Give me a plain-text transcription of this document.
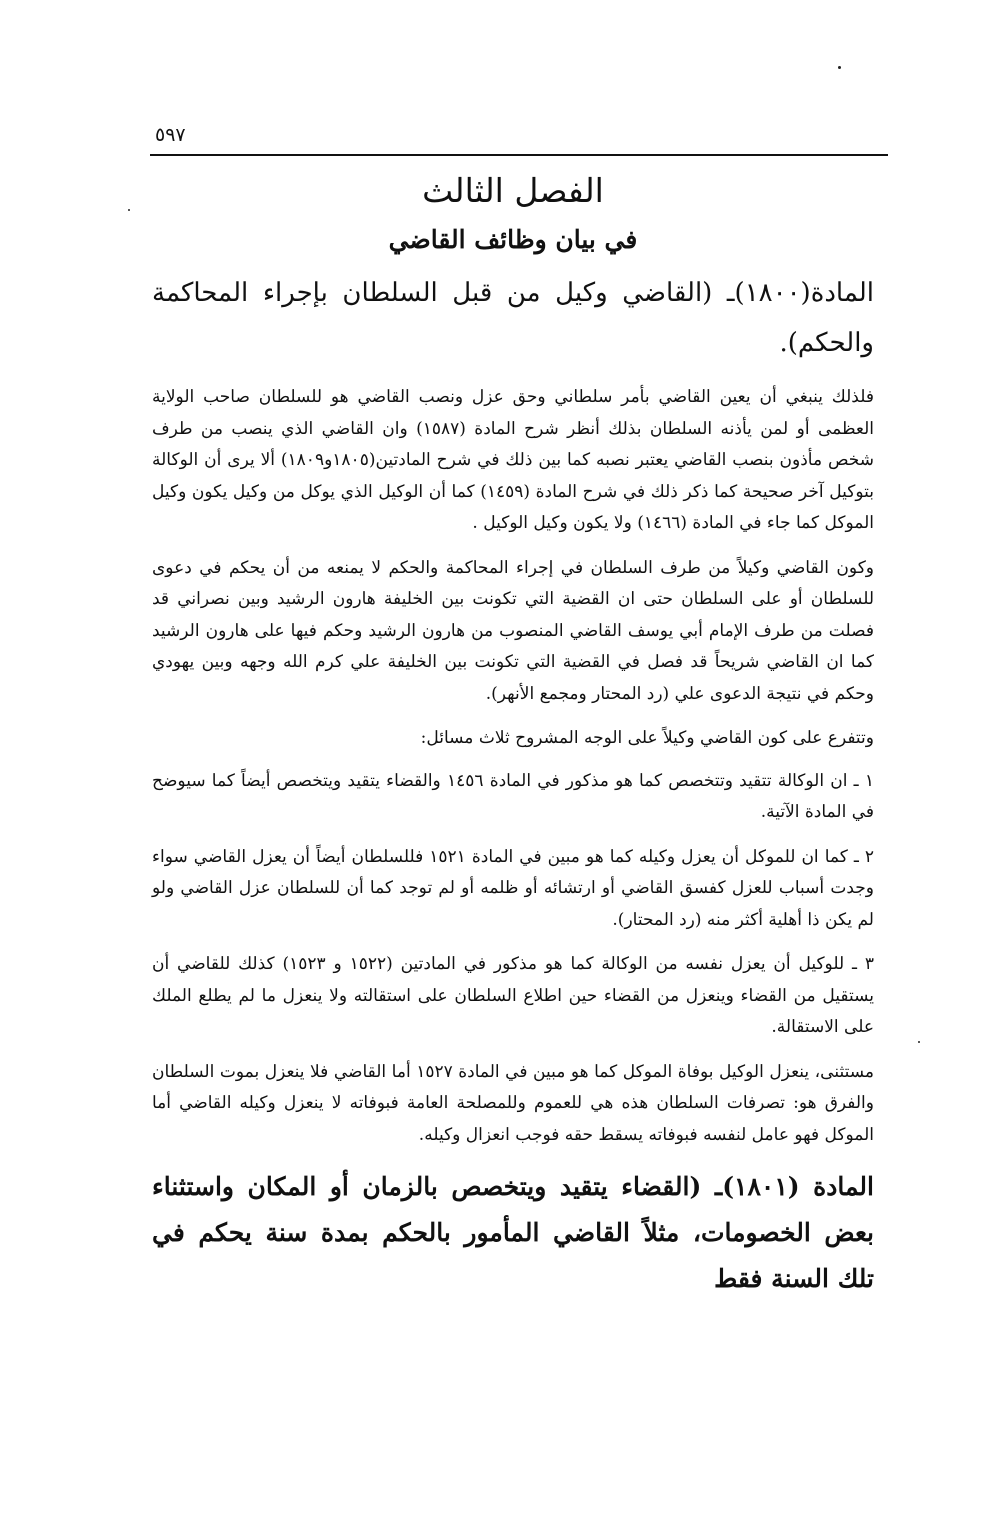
٥٩٧
الفصل الثالث
في بيان وظائف القاضي

المادة(١٨٠٠)ـ (القاضي وكيل من قبل السلطان بإجراء المحاكمة والحكم).

فلذلك ينبغي أن يعين القاضي بأمر سلطاني وحق عزل ونصب القاضي هو للسلطان صاحب الولاية العظمى أو لمن يأذنه السلطان بذلك أنظر شرح المادة (١٥٨٧) وان القاضي الذي ينصب من طرف شخص مأذون بنصب القاضي يعتبر نصبه كما بين ذلك في شرح المادتين(١٨٠٥و١٨٠٩) ألا يرى أن الوكالة بتوكيل آخر صحيحة كما ذكر ذلك في شرح المادة (١٤٥٩) كما أن الوكيل الذي يوكل من وكيل يكون وكيل الموكل كما جاء في المادة (١٤٦٦) ولا يكون وكيل الوكيل .

وكون القاضي وكيلاً من طرف السلطان في إجراء المحاكمة والحكم لا يمنعه من أن يحكم في دعوى للسلطان أو على السلطان حتى ان القضية التي تكونت بين الخليفة هارون الرشيد وبين نصراني قد فصلت من طرف الإمام أبي يوسف القاضي المنصوب من هارون الرشيد وحكم فيها على هارون الرشيد كما ان القاضي شريحاً قد فصل في القضية التي تكونت بين الخليفة علي كرم الله وجهه وبين يهودي وحكم في نتيجة الدعوى علي (رد المحتار ومجمع الأنهر).

وتتفرع على كون القاضي وكيلاً على الوجه المشروح ثلاث مسائل:

١ ـ ان الوكالة تتقيد وتتخصص كما هو مذكور في المادة ١٤٥٦ والقضاء يتقيد ويتخصص أيضاً كما سيوضح في المادة الآتية.

٢ ـ كما ان للموكل أن يعزل وكيله كما هو مبين في المادة ١٥٢١ فللسلطان أيضاً أن يعزل القاضي سواء وجدت أسباب للعزل كفسق القاضي أو ارتشائه أو ظلمه أو لم توجد كما أن للسلطان عزل القاضي ولو لم يكن ذا أهلية أكثر منه (رد المحتار).

٣ ـ للوكيل أن يعزل نفسه من الوكالة كما هو مذكور في المادتين (١٥٢٢ و ١٥٢٣) كذلك للقاضي أن يستقيل من القضاء وينعزل من القضاء حين اطلاع السلطان على استقالته ولا ينعزل ما لم يطلع الملك على الاستقالة.

مستثنى، ينعزل الوكيل بوفاة الموكل كما هو مبين في المادة ١٥٢٧ أما القاضي فلا ينعزل بموت السلطان والفرق هو: تصرفات السلطان هذه هي للعموم وللمصلحة العامة فبوفاته لا ينعزل وكيله القاضي أما الموكل فهو عامل لنفسه فبوفاته يسقط حقه فوجب انعزال وكيله.

المادة (١٨٠١)ـ (القضاء يتقيد ويتخصص بالزمان أو المكان واستثناء بعض الخصومات، مثلاً القاضي المأمور بالحكم بمدة سنة يحكم في تلك السنة فقط
